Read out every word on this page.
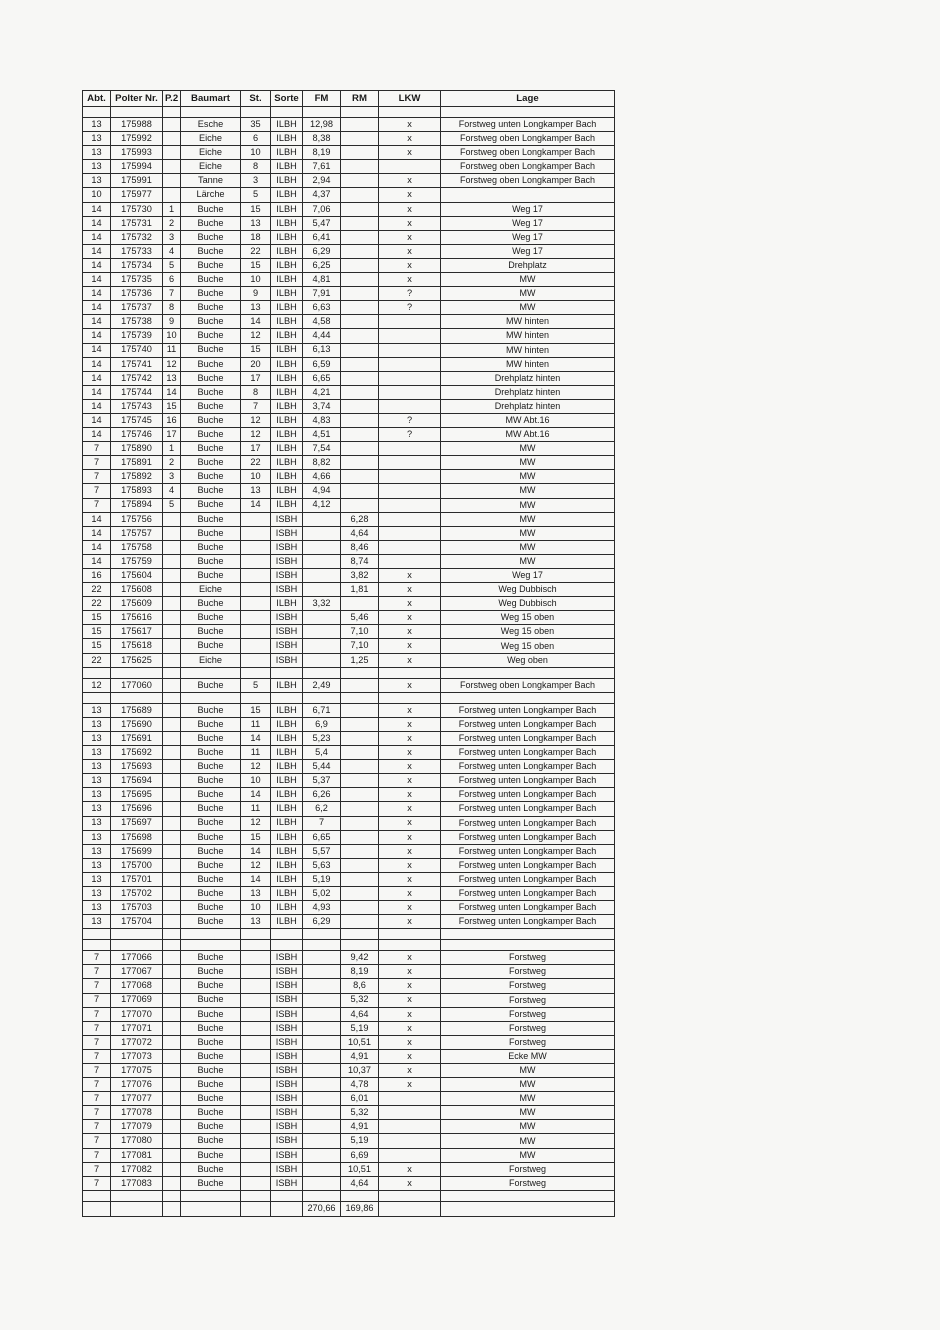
Abt.	Polter Nr.	P.2	Baumart	St.	Sorte	FM	RM	LKW	Lage

13	175988		Esche	35	ILBH	12,98		x	Forstweg unten Longkamper Bach
13	175992		Eiche	6	ILBH	8,38		x	Forstweg oben Longkamper Bach
13	175993		Eiche	10	ILBH	8,19		x	Forstweg oben Longkamper Bach
13	175994		Eiche	8	ILBH	7,61			Forstweg oben Longkamper Bach
13	175991		Tanne	3	ILBH	2,94		x	Forstweg oben Longkamper Bach
10	175977		Lärche	5	ILBH	4,37		x	
14	175730	1	Buche	15	ILBH	7,06		x	Weg 17
14	175731	2	Buche	13	ILBH	5,47		x	Weg 17
14	175732	3	Buche	18	ILBH	6,41		x	Weg 17
14	175733	4	Buche	22	ILBH	6,29		x	Weg 17
14	175734	5	Buche	15	ILBH	6,25		x	Drehplatz
14	175735	6	Buche	10	ILBH	4,81		x	MW
14	175736	7	Buche	9	ILBH	7,91		?	MW
14	175737	8	Buche	13	ILBH	6,63		?	MW
14	175738	9	Buche	14	ILBH	4,58			MW hinten
14	175739	10	Buche	12	ILBH	4,44			MW hinten
14	175740	11	Buche	15	ILBH	6,13			MW hinten
14	175741	12	Buche	20	ILBH	6,59			MW hinten
14	175742	13	Buche	17	ILBH	6,65			Drehplatz hinten
14	175744	14	Buche	8	ILBH	4,21			Drehplatz hinten
14	175743	15	Buche	7	ILBH	3,74			Drehplatz hinten
14	175745	16	Buche	12	ILBH	4,83		?	MW Abt.16
14	175746	17	Buche	12	ILBH	4,51		?	MW Abt.16
7	175890	1	Buche	17	ILBH	7,54			MW
7	175891	2	Buche	22	ILBH	8,82			MW
7	175892	3	Buche	10	ILBH	4,66			MW
7	175893	4	Buche	13	ILBH	4,94			MW
7	175894	5	Buche	14	ILBH	4,12			MW
14	175756		Buche		ISBH		6,28		MW
14	175757		Buche		ISBH		4,64		MW
14	175758		Buche		ISBH		8,46		MW
14	175759		Buche		ISBH		8,74		MW
16	175604		Buche		ISBH		3,82	x	Weg 17
22	175608		Eiche		ISBH		1,81	x	Weg Dubbisch
22	175609		Buche		ILBH	3,32		x	Weg Dubbisch
15	175616		Buche		ISBH		5,46	x	Weg 15 oben
15	175617		Buche		ISBH		7,10	x	Weg 15 oben
15	175618		Buche		ISBH		7,10	x	Weg 15 oben
22	175625		Eiche		ISBH		1,25	x	Weg oben

12	177060		Buche	5	ILBH	2,49		x	Forstweg oben Longkamper Bach

13	175689		Buche	15	ILBH	6,71		x	Forstweg unten Longkamper Bach
13	175690		Buche	11	ILBH	6,9		x	Forstweg unten Longkamper Bach
13	175691		Buche	14	ILBH	5,23		x	Forstweg unten Longkamper Bach
13	175692		Buche	11	ILBH	5,4		x	Forstweg unten Longkamper Bach
13	175693		Buche	12	ILBH	5,44		x	Forstweg unten Longkamper Bach
13	175694		Buche	10	ILBH	5,37		x	Forstweg unten Longkamper Bach
13	175695		Buche	14	ILBH	6,26		x	Forstweg unten Longkamper Bach
13	175696		Buche	11	ILBH	6,2		x	Forstweg unten Longkamper Bach
13	175697		Buche	12	ILBH	7		x	Forstweg unten Longkamper Bach
13	175698		Buche	15	ILBH	6,65		x	Forstweg unten Longkamper Bach
13	175699		Buche	14	ILBH	5,57		x	Forstweg unten Longkamper Bach
13	175700		Buche	12	ILBH	5,63		x	Forstweg unten Longkamper Bach
13	175701		Buche	14	ILBH	5,19		x	Forstweg unten Longkamper Bach
13	175702		Buche	13	ILBH	5,02		x	Forstweg unten Longkamper Bach
13	175703		Buche	10	ILBH	4,93		x	Forstweg unten Longkamper Bach
13	175704		Buche	13	ILBH	6,29		x	Forstweg unten Longkamper Bach

7	177066		Buche		ISBH		9,42	x	Forstweg
7	177067		Buche		ISBH		8,19	x	Forstweg
7	177068		Buche		ISBH		8,6	x	Forstweg
7	177069		Buche		ISBH		5,32	x	Forstweg
7	177070		Buche		ISBH		4,64	x	Forstweg
7	177071		Buche		ISBH		5,19	x	Forstweg
7	177072		Buche		ISBH		10,51	x	Forstweg
7	177073		Buche		ISBH		4,91	x	Ecke MW
7	177075		Buche		ISBH		10,37	x	MW
7	177076		Buche		ISBH		4,78	x	MW
7	177077		Buche		ISBH		6,01		MW
7	177078		Buche		ISBH		5,32		MW
7	177079		Buche		ISBH		4,91		MW
7	177080		Buche		ISBH		5,19		MW
7	177081		Buche		ISBH		6,69		MW
7	177082		Buche		ISBH		10,51	x	Forstweg
7	177083		Buche		ISBH		4,64	x	Forstweg

						270,66	169,86		
